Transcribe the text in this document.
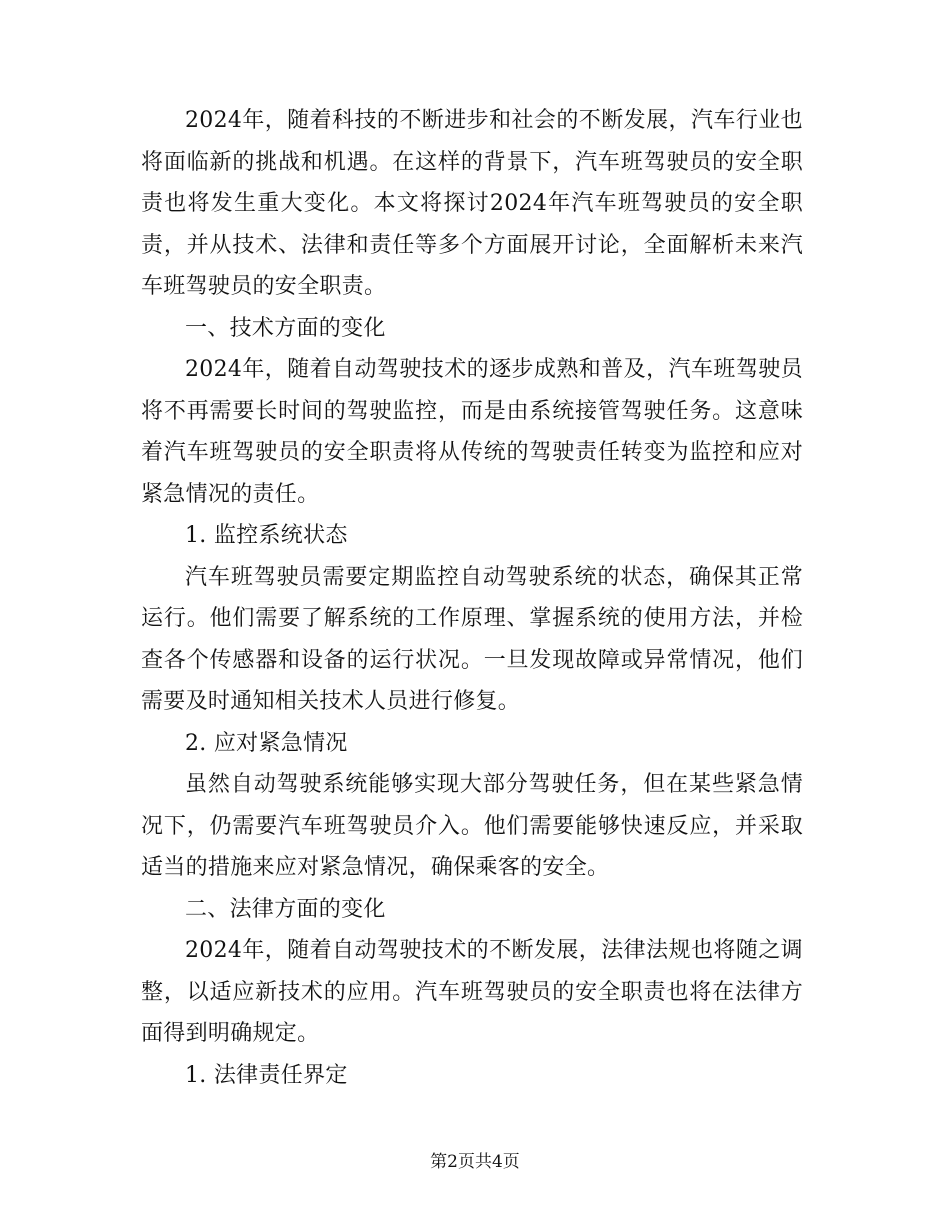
2024年，随着科技的不断进步和社会的不断发展，汽车行业也将面临新的挑战和机遇。在这样的背景下，汽车班驾驶员的安全职责也将发生重大变化。本文将探讨2024年汽车班驾驶员的安全职责，并从技术、法律和责任等多个方面展开讨论，全面解析未来汽车班驾驶员的安全职责。

一、技术方面的变化

2024年，随着自动驾驶技术的逐步成熟和普及，汽车班驾驶员将不再需要长时间的驾驶监控，而是由系统接管驾驶任务。这意味着汽车班驾驶员的安全职责将从传统的驾驶责任转变为监控和应对紧急情况的责任。

1. 监控系统状态

汽车班驾驶员需要定期监控自动驾驶系统的状态，确保其正常运行。他们需要了解系统的工作原理、掌握系统的使用方法，并检查各个传感器和设备的运行状况。一旦发现故障或异常情况，他们需要及时通知相关技术人员进行修复。

2. 应对紧急情况

虽然自动驾驶系统能够实现大部分驾驶任务，但在某些紧急情况下，仍需要汽车班驾驶员介入。他们需要能够快速反应，并采取适当的措施来应对紧急情况，确保乘客的安全。

二、法律方面的变化

2024年，随着自动驾驶技术的不断发展，法律法规也将随之调整，以适应新技术的应用。汽车班驾驶员的安全职责也将在法律方面得到明确规定。

1. 法律责任界定

第2页共4页
